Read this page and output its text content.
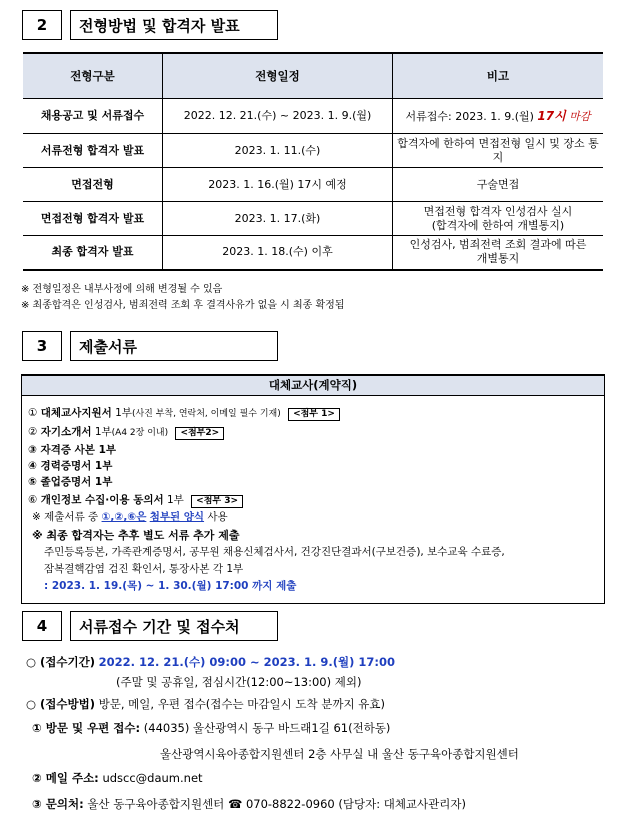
2	전형방법 및 합격자 발표
전형구분	전형일정	비고
채용공고 및 서류접수	2022. 12. 21.(수) ~ 2023. 1. 9.(월)	서류접수: 2023. 1. 9.(월) 17시 마감
서류전형 합격자 발표	2023. 1. 11.(수)	합격자에 한하여 면접전형 일시 및 장소 통지
면접전형	2023. 1. 16.(월) 17시 예정	구술면접
면접전형 합격자 발표	2023. 1. 17.(화)	면접전형 합격자 인성검사 실시
(합격자에 한하여 개별통지)

최종 합격자 발표	2023. 1. 18.(수) 이후	인성검사, 범죄전력 조회 결과에 따른
개별통지
※ 전형일정은 내부사정에 의해 변경될 수 있음
※ 최종합격은 인성검사, 범죄전력 조회 후 결격사유가 없을 시 최종 확정됨
3	제출서류
대체교사(계약직)
① 대체교사지원서 1부(사진 부착, 연락처, 이메일 필수 기재) <첨부 1>
② 자기소개서 1부(A4 2장 이내) <첨부2>
③ 자격증 사본 1부
④ 경력증명서 1부
⑤ 졸업증명서 1부
⑥ 개인정보 수집·이용 동의서 1부 <첨부 3>
※ 제출서류 중 ①,②,⑥은 첨부된 양식 사용
※ 최종 합격자는 추후 별도 서류 추가 제출
주민등록등본, 가족관계증명서, 공무원 채용신체검사서, 건강진단결과서(구보건증), 보수교육 수료증,
잠복결핵감염 검진 확인서, 통장사본 각 1부
: 2023. 1. 19.(목) ~ 1. 30.(월) 17:00 까지 제출
4	서류접수 기간 및 접수처
○ (접수기간) 2022. 12. 21.(수) 09:00 ~ 2023. 1. 9.(월) 17:00
(주말 및 공휴일, 점심시간(12:00~13:00) 제외)
○ (접수방법) 방문, 메일, 우편 접수(접수는 마감일시 도착 분까지 유효)
① 방문 및 우편 접수: (44035) 울산광역시 동구 바드래1길 61(전하동)
울산광역시육아종합지원센터 2층 사무실 내 울산 동구육아종합지원센터
② 메일 주소: udscc@daum.net
③ 문의처: 울산 동구육아종합지원센터 ☎ 070-8822-0960 (담당자: 대체교사관리자)
